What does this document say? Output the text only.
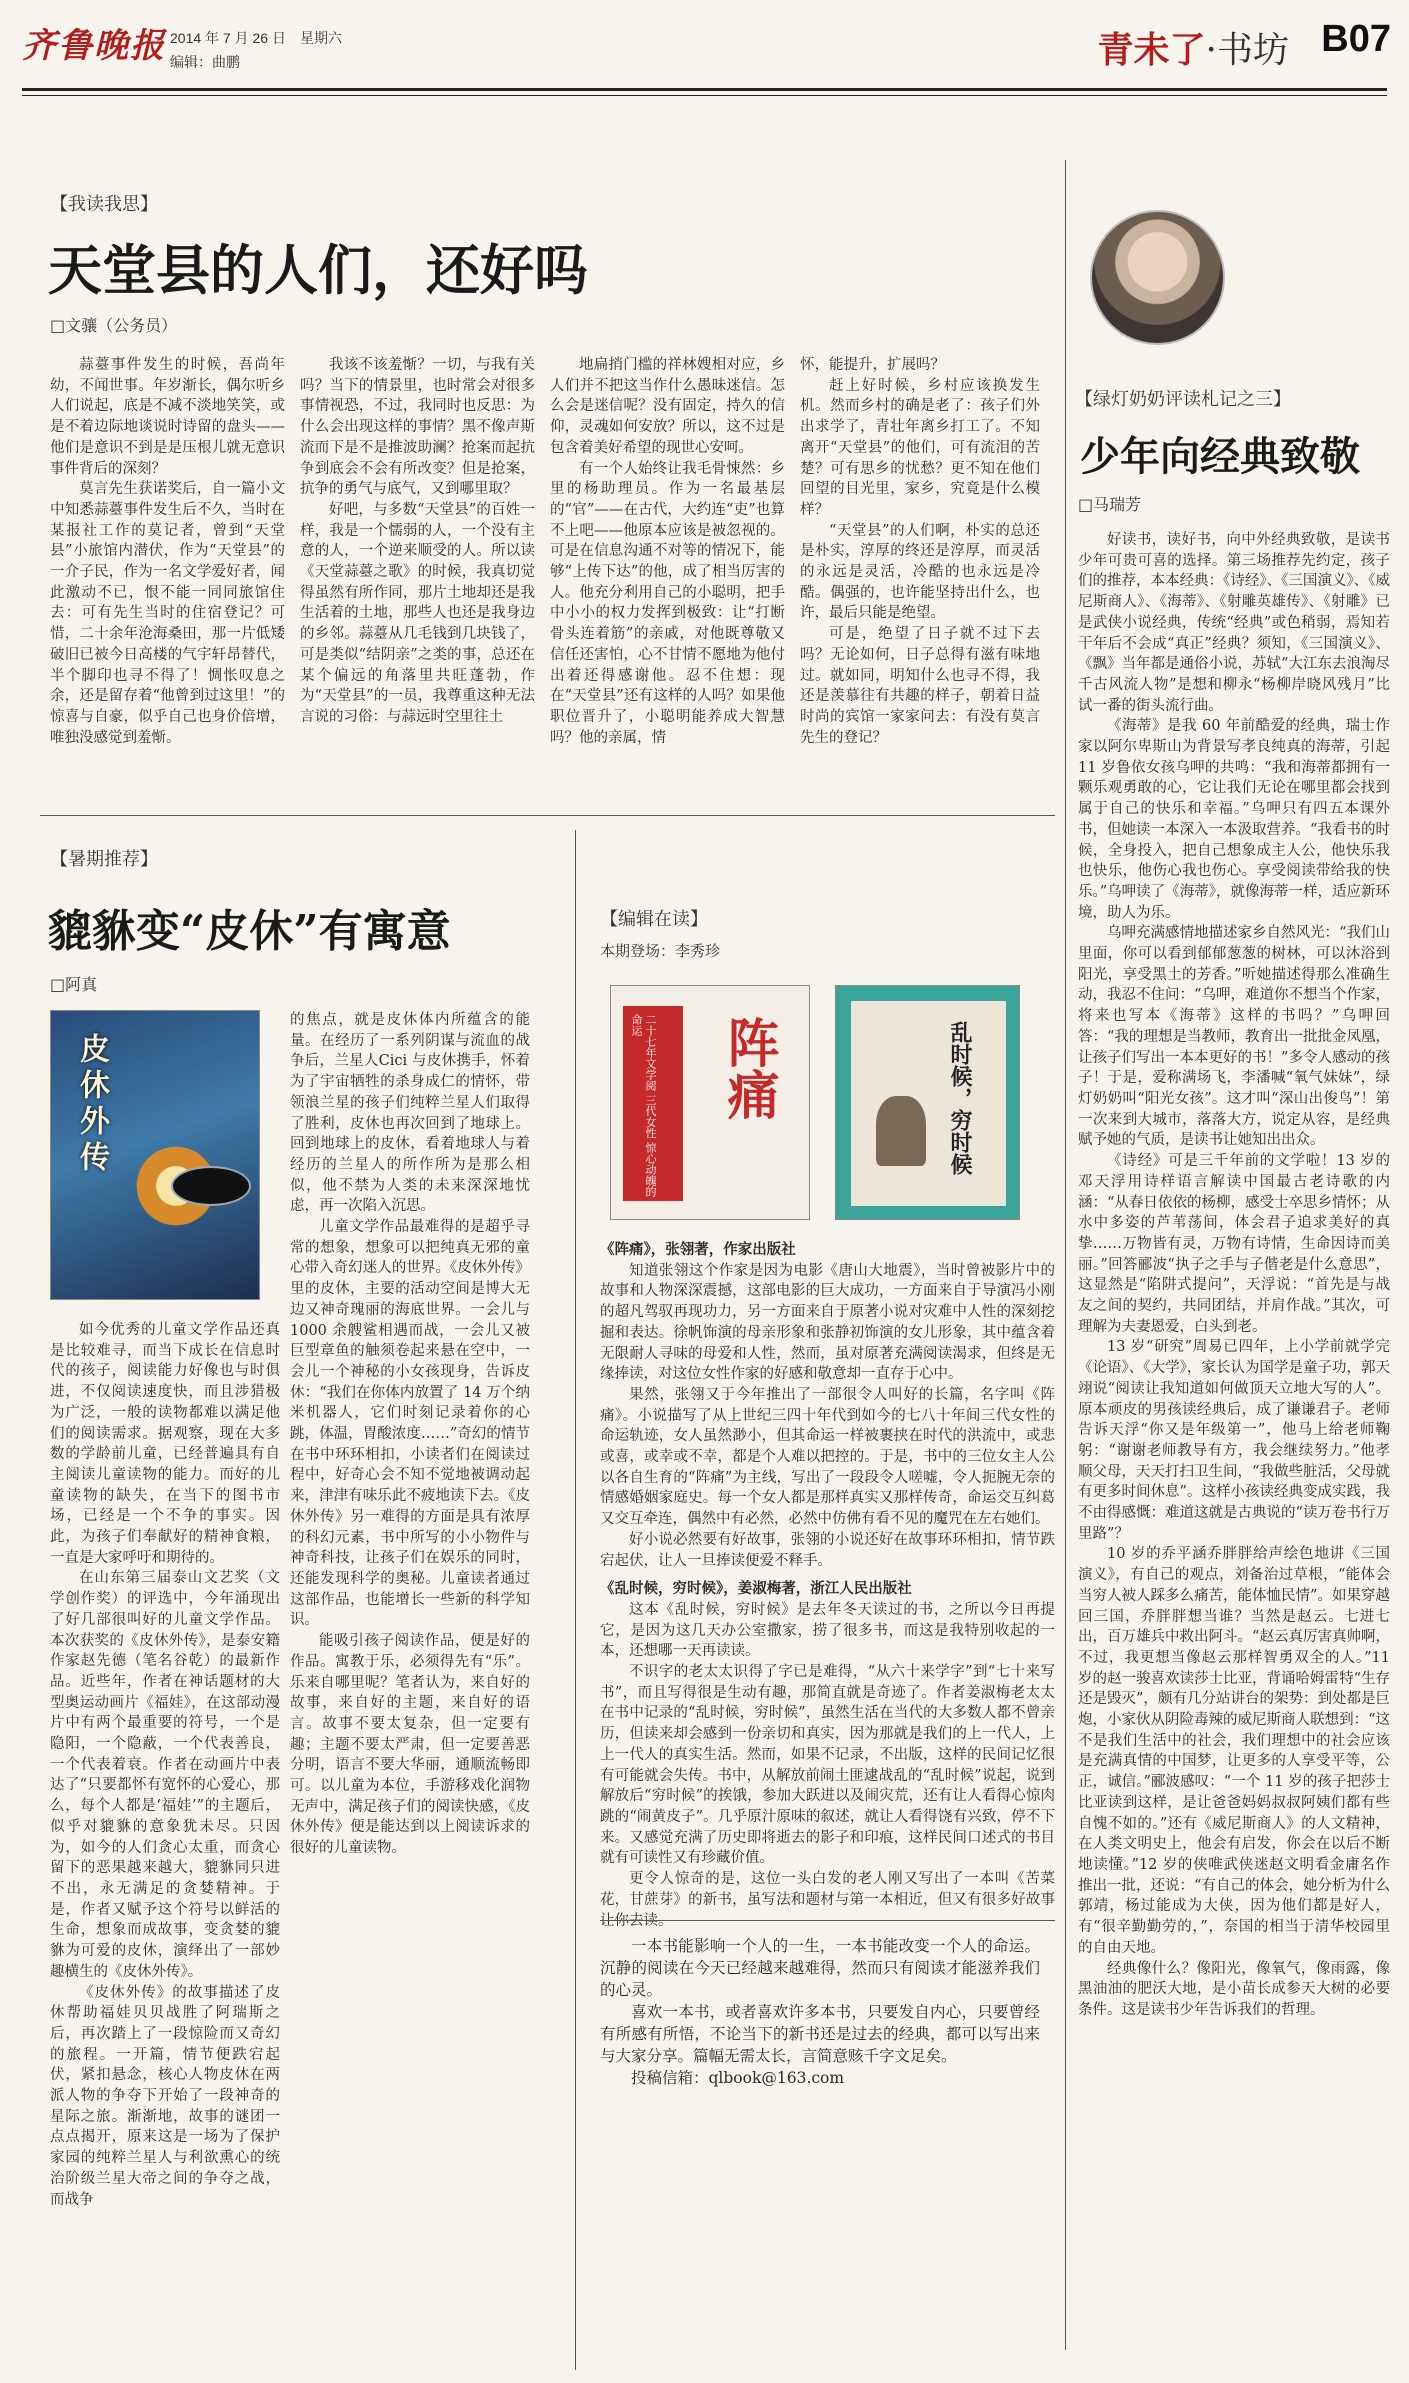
齐鲁晚报 2014 年 7 月 26 日　星期六
编辑：曲鹏	青未了·书坊 B07
【我读我思】
天堂县的人们，还好吗
□文骧（公务员）

蒜薹事件发生的时候，吾尚年幼，不闻世事。年岁渐长，偶尔听乡人们说起，底是不减不淡地笑笑，或是不着边际地谈说时诗留的盘头——他们是意识不到是是压根儿就无意识事件背后的深刻？

莫言先生获诺奖后，自一篇小文中知悉蒜薹事件发生后不久，当时在某报社工作的莫记者，曾到“天堂县”小旅馆内潜伏，作为“天堂县”的一介子民，作为一名文学爱好者，闻此激动不已，恨不能一同同旅馆住去：可有先生当时的住宿登记？可惜，二十余年沧海桑田，那一片低矮破旧已被今日高楼的气宇轩昂替代，半个脚印也寻不得了！惆怅叹息之余，还是留存着“他曾到过这里！”的惊喜与自豪，似乎自己也身价倍增，唯独没感觉到羞惭。

我该不该羞惭？一切，与我有关吗？当下的情景里，也时常会对很多事情视恐，不过，我同时也反思：为什么会出现这样的事情？黑不像声斯流而下是不是推波助澜？抢案而起抗争到底会不会有所改变？但是抢案，抗争的勇气与底气，又到哪里取？

好吧，与多数“天堂县”的百姓一样，我是一个懦弱的人，一个没有主意的人，一个逆来顺受的人。所以读《天堂蒜薹之歌》的时候，我真切觉得虽然有所作同，那片土地却还是我生活着的土地，那些人也还是我身边的乡邻。蒜薹从几毛钱到几块钱了，可是类似“结阴亲”之类的事，总还在某个偏远的角落里共旺蓬勃，作为“天堂县”的一员，我尊重这种无法言说的习俗：与蒜远时空里往土

地扁捎门槛的祥林嫂相对应，乡人们并不把这当作什么愚昧迷信。怎么会是迷信呢？没有固定，持久的信仰，灵魂如何安放？所以，这不过是包含着美好希望的现世心安呵。

有一个人始终让我毛骨悚然：乡里的杨助理员。作为一名最基层的“官”——在古代，大约连“吏”也算不上吧——他原本应该是被忽视的。可是在信息沟通不对等的情况下，能够“上传下达”的他，成了相当厉害的人。他充分利用自己的小聪明，把手中小小的权力发挥到极致：让“打断骨头连着筋”的亲戚，对他既尊敬又信任还害怕，心不甘情不愿地为他付出着还得感谢他。忍不住想：现在“天堂县”还有这样的人吗？如果他职位晋升了，小聪明能养成大智慧吗？他的亲属，情

怀，能提升，扩展吗？

赶上好时候，乡村应该换发生机。然而乡村的确是老了：孩子们外出求学了，青壮年离乡打工了。不知离开“天堂县”的他们，可有流泪的苦楚？可有思乡的忧愁？更不知在他们回望的目光里，家乡，究竟是什么模样？

“天堂县”的人们啊，朴实的总还是朴实，淳厚的终还是淳厚，而灵活的永远是灵活，冷酷的也永远是冷酷。偶强的，也许能坚持出什么，也许，最后只能是绝望。

可是，绝望了日子就不过下去吗？无论如何，日子总得有滋有味地过。就如同，明知什么也寻不得，我还是羡慕往有共趣的样子，朝着日益时尚的宾馆一家家问去：有没有莫言先生的登记？

【绿灯奶奶评读札记之三】
少年向经典致敬
□马瑞芳

好读书，读好书，向中外经典致敬，是读书少年可贵可喜的选择。第三场推荐先约定，孩子们的推荐，本本经典：《诗经》、《三国演义》、《威尼斯商人》、《海蒂》、《射雕英雄传》、《射雕》已是武侠小说经典，传统“经典”或色稍弱，焉知若干年后不会成“真正”经典？须知，《三国演义》、《飘》当年都是通俗小说，苏轼“大江东去浪淘尽千古风流人物”是想和柳永“杨柳岸晓风残月”比试一番的街头流行曲。

《海蒂》是我 60 年前酷爱的经典，瑞士作家以阿尔卑斯山为背景写孝良纯真的海蒂，引起 11 岁鲁依女孩乌呷的共鸣：“我和海蒂都拥有一颗乐观勇敢的心，它让我们无论在哪里都会找到属于自己的快乐和幸福。”乌呷只有四五本课外书，但她读一本深入一本汲取营养。“我看书的时候，全身投入，把自己想象成主人公，他快乐我也快乐，他伤心我也伤心。享受阅读带给我的快乐。”乌呷读了《海蒂》，就像海蒂一样，适应新环境，助人为乐。

乌呷充满感情地描述家乡自然风光：“我们山里面，你可以看到郁郁葱葱的树林，可以沐浴到阳光，享受黑土的芳香。”听她描述得那么准确生动，我忍不住问：“乌呷，难道你不想当个作家，将来也写本《海蒂》这样的书吗？”乌呷回答：“我的理想是当教师，教育出一批批金凤凰，让孩子们写出一本本更好的书！”多令人感动的孩子！于是，爱称满场飞，李潘喊“氧气妹妹”，绿灯奶奶叫“阳光女孩”。这才叫“深山出俊鸟”！第一次来到大城市，落落大方，说定从容，是经典赋予她的气质，是读书让她知出出众。

《诗经》可是三千年前的文学啦！13 岁的邓天浮用诗样语言解读中国最古老诗歌的内涵：“从春日依依的杨柳，感受士卒思乡情怀；从水中多姿的芦苇荡间，体会君子追求美好的真挚……万物皆有灵，万物有诗情，生命因诗而美丽。”回答郦波“执子之手与子偕老是什么意思”，这显然是“陷阱式提问”，天浮说：“首先是与战友之间的契约，共同团结，并肩作战。”其次，可理解为夫妻恩爱，白头到老。

13 岁“研究”周易已四年，上小学前就学完《论语》、《大学》，家长认为国学是童子功，郭天翊说“阅读让我知道如何做顶天立地大写的人”。原本顽皮的男孩读经典后，成了谦谦君子。老师告诉天浮“你又是年级第一”，他马上给老师鞠躬：“谢谢老师教导有方，我会继续努力。”他孝顺父母，天天打扫卫生间，“我做些脏活，父母就有更多时间休息”。这样小孩读经典变成实践，我不由得感慨：难道这就是古典说的“读万卷书行万里路”？

10 岁的乔平涵乔胖胖给声绘色地讲《三国演义》，有自己的观点，刘备治过草根，“能体会当穷人被人踩多么痛苦，能体恤民情”。如果穿越回三国，乔胖胖想当谁？当然是赵云。七进七出，百万雄兵中救出阿斗。“赵云真厉害真帅啊，不过，我更想当像赵云那样智勇双全的人。”11 岁的赵一骏喜欢读莎士比亚，背诵哈姆雷特“生存还是毁灭”，颇有几分站讲台的架势：到处都是巨炮，小家伙从阴险毒辣的威尼斯商人联想到：“这不是我们生活中的社会，我们理想中的社会应该是充满真情的中国梦，让更多的人享受平等，公正，诚信。”郦波感叹：“一个 11 岁的孩子把莎士比亚读到这样，是让爸爸妈妈叔叔阿姨们都有些自愧不如的。”还有《威尼斯商人》的人文精神，在人类文明史上，他会有启发，你会在以后不断地读懂。”12 岁的侠唯武侠迷赵文明看金庸名作推出一批，还说：“有自己的体会，她分析为什么郭靖，杨过能成为大侠，因为他们都是好人，有“很辛勤勤劳的，”，奈国的相当于清华校园里的自由天地。

经典像什么？像阳光，像氧气，像雨露，像黑油油的肥沃大地，是小苗长成参天大树的必要条件。这是读书少年告诉我们的哲理。

【暑期推荐】
貔貅变“皮休”有寓意
□阿真
皮休外传

如今优秀的儿童文学作品还真是比较难寻，而当下成长在信息时代的孩子，阅读能力好像也与时俱进，不仅阅读速度快，而且涉猎极为广泛，一般的读物都难以满足他们的阅读需求。据观察，现在大多数的学龄前儿童，已经普遍具有自主阅读儿童读物的能力。而好的儿童读物的缺失，在当下的图书市场，已经是一个不争的事实。因此，为孩子们奉献好的精神食粮，一直是大家呼吁和期待的。

在山东第三届泰山文艺奖（文学创作奖）的评选中，今年涌现出了好几部很叫好的儿童文学作品。本次获奖的《皮休外传》，是泰安籍作家赵先德（笔名谷乾）的最新作品。近些年，作者在神话题材的大型奥运动画片《福娃》，在这部动漫片中有两个最重要的符号，一个是隐阳，一个隐蔽，一个代表善良，一个代表着衰。作者在动画片中表达了“只要都怀有宽怀的心爱心，那么，每个人都是‘福娃’”的主题后，似乎对貔貅的意象犹未尽。只因为，如今的人们贪心太重，而贪心留下的恶果越来越大，貔貅同只进不出，永无满足的贪婪精神。于是，作者又赋予这个符号以鲜活的生命，想象而成故事，变贪婪的貔貅为可爱的皮休，演绎出了一部妙趣横生的《皮休外传》。

《皮休外传》的故事描述了皮休帮助福娃贝贝战胜了阿瑞斯之后，再次踏上了一段惊险而又奇幻的旅程。一开篇，情节便跌宕起伏，紧扣悬念，核心人物皮休在两派人物的争夺下开始了一段神奇的星际之旅。渐渐地，故事的谜团一点点揭开，原来这是一场为了保护家园的纯粹兰星人与利欲熏心的统治阶级兰星大帝之间的争夺之战，而战争

的焦点，就是皮休体内所蕴含的能量。在经历了一系列阴谋与流血的战争后，兰星人Cici 与皮休携手，怀着为了宇宙牺牲的杀身成仁的情怀，带领浪兰星的孩子们纯粹兰星人们取得了胜利，皮休也再次回到了地球上。回到地球上的皮休，看着地球人与着经历的兰星人的所作所为是那么相似，他不禁为人类的未来深深地忧虑，再一次陷入沉思。

儿童文学作品最难得的是超乎寻常的想象，想象可以把纯真无邪的童心带入奇幻迷人的世界。《皮休外传》里的皮休，主要的活动空间是博大无边又神奇瑰丽的海底世界。一会儿与 1000 余艘鲨相遇而战，一会儿又被巨型章鱼的触须卷起来悬在空中，一会儿一个神秘的小女孩现身，告诉皮休：“我们在你体内放置了 14 万个纳米机器人，它们时刻记录着你的心跳，体温，胃酸浓度……”奇幻的情节在书中环环相扣，小读者们在阅读过程中，好奇心会不知不觉地被调动起来，津津有味乐此不疲地读下去。《皮休外传》另一难得的方面是具有浓厚的科幻元素，书中所写的小小物件与神奇科技，让孩子们在娱乐的同时，还能发现科学的奥秘。儿童读者通过这部作品，也能增长一些新的科学知识。

能吸引孩子阅读作品，便是好的作品。寓教于乐，必须得先有“乐”。乐来自哪里呢？笔者认为，来自好的故事，来自好的主题，来自好的语言。故事不要太复杂，但一定要有趣；主题不要太严肃，但一定要善恶分明，语言不要大华丽，通顺流畅即可。以儿童为本位，手游移戏化润物无声中，满足孩子们的阅读快感，《皮休外传》便是能达到以上阅读诉求的很好的儿童读物。

【编辑在读】
本期登场：李秀珍
二十七年文学阅 三代女性 惊心动魄的命运 阵痛	乱时候，穷时候

《阵痛》，张翎著，作家出版社

知道张翎这个作家是因为电影《唐山大地震》，当时曾被影片中的故事和人物深深震撼，这部电影的巨大成功，一方面来自于导演冯小刚的超凡驾驭再现功力，另一方面来自于原著小说对灾难中人性的深刻挖掘和表达。徐帆饰演的母亲形象和张静初饰演的女儿形象，其中蕴含着无限耐人寻味的母爱和人性，然而，虽对原著充满阅读渴求，但终是无缘捧读，对这位女性作家的好感和敬意却一直存于心中。

果然，张翎又于今年推出了一部很令人叫好的长篇，名字叫《阵痛》。小说描写了从上世纪三四十年代到如今的七八十年间三代女性的命运轨迹，女人虽然渺小，但其命运一样被裹挟在时代的洪流中，或悲或喜，或幸或不幸，都是个人难以把控的。于是，书中的三位女主人公以各自生育的“阵痛”为主线，写出了一段段令人嗟嘘，令人扼腕无奈的情感婚姻家庭史。每一个女人都是那样真实又那样传奇，命运交互纠葛又交互牵连，偶然中有必然，必然中仿佛有看不见的魔咒在左右她们。

好小说必然要有好故事，张翎的小说还好在故事环环相扣，情节跌宕起伏，让人一旦捧读便爱不释手。

《乱时候，穷时候》，姜淑梅著，浙江人民出版社

这本《乱时候，穷时候》是去年冬天读过的书，之所以今日再提它，是因为这几天办公室撒家，捞了很多书，而这是我特别收起的一本，还想哪一天再读读。

不识字的老太太识得了字已是难得，“从六十来学字”到“七十来写书”，而且写得很是生动有趣，那简直就是奇迹了。作者姜淑梅老太太在书中记录的“乱时候，穷时候”，虽然生活在当代的大多数人都不曾亲历，但读来却会感到一份亲切和真实，因为那就是我们的上一代人，上上一代人的真实生活。然而，如果不记录，不出版，这样的民间记忆很有可能就会失传。书中，从解放前闹土匪逮战乱的“乱时候”说起，说到解放后“穷时候”的挨饿，参加大跃进以及闹灾荒，还有让人看得心惊肉跳的“闹黄皮子”。几乎原汁原味的叙述，就让人看得饶有兴致，停不下来。又感觉充满了历史即将逝去的影子和印痕，这样民间口述式的书目就有可读性又有珍藏价值。

更令人惊奇的是，这位一头白发的老人刚又写出了一本叫《苦菜花，甘蔗芽》的新书，虽写法和题材与第一本相近，但又有很多好故事让你去读。

一本书能影响一个人的一生，一本书能改变一个人的命运。沉静的阅读在今天已经越来越难得，然而只有阅读才能滋养我们的心灵。

喜欢一本书，或者喜欢许多本书，只要发自内心，只要曾经有所感有所悟，不论当下的新书还是过去的经典，都可以写出来与大家分享。篇幅无需太长，言简意赅千字文足矣。

投稿信箱：qlbook@163.com
